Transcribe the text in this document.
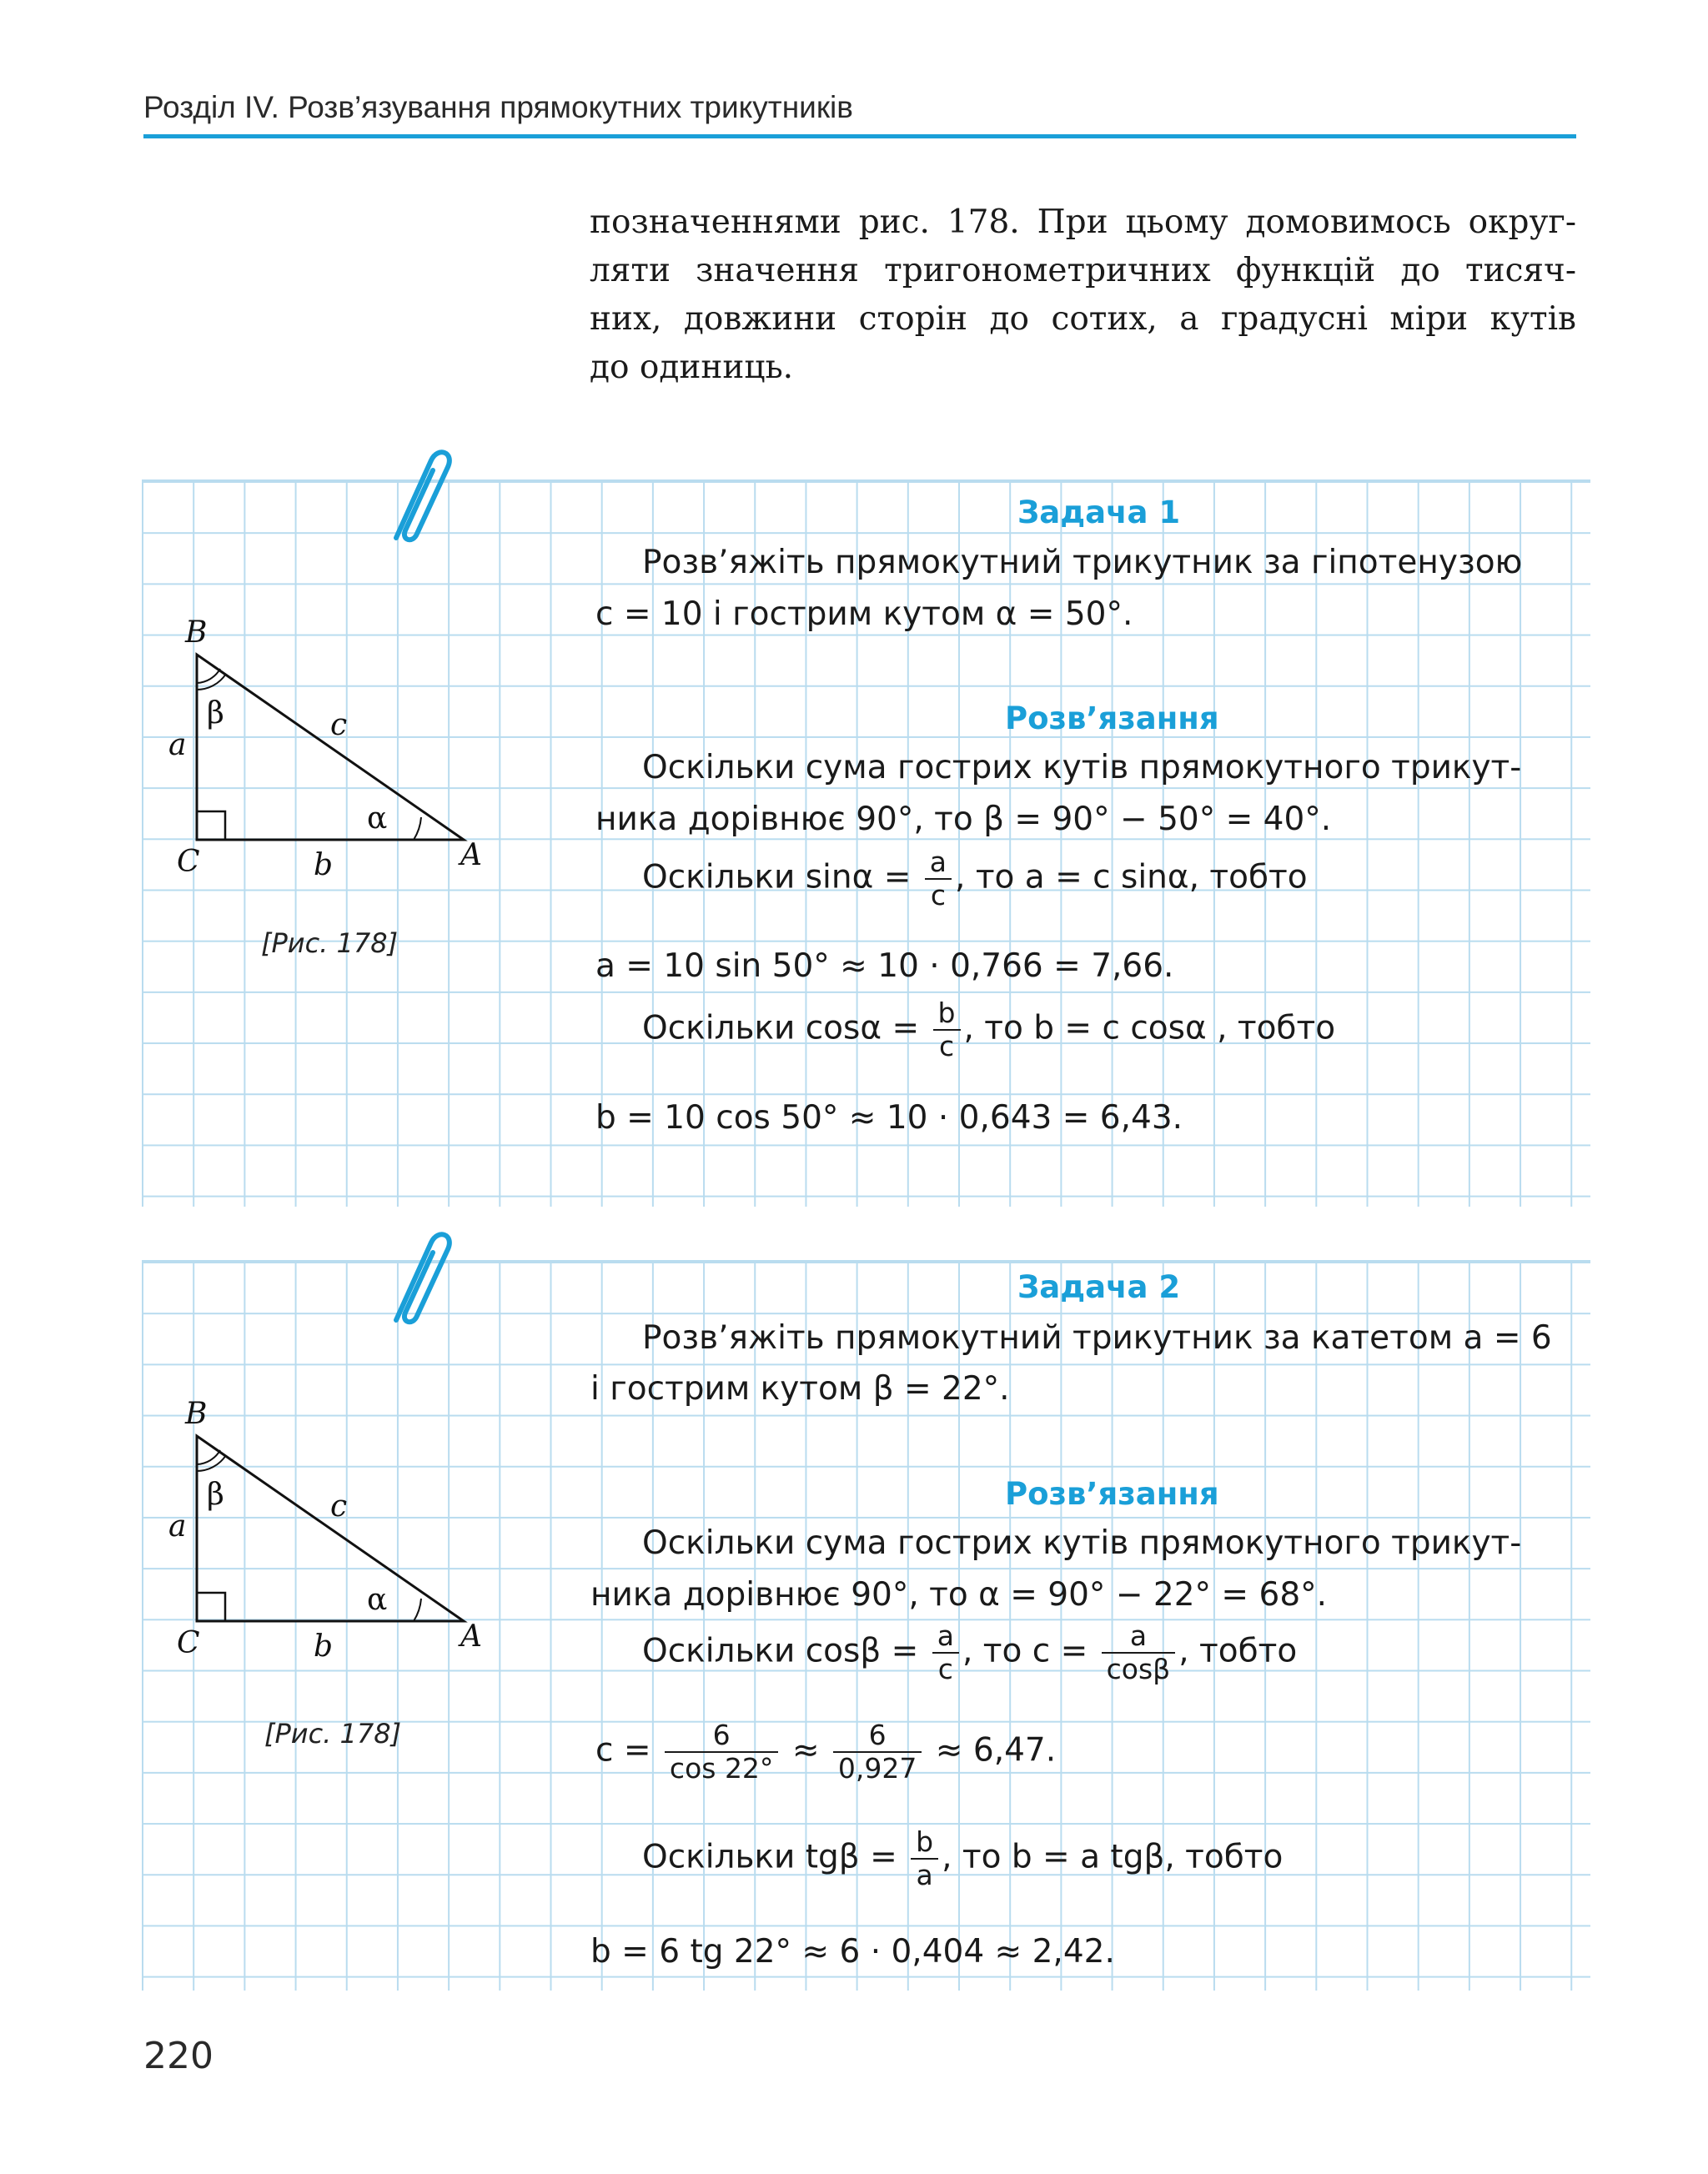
Розділ IV. Розв’язування прямокутних трикутників
позначеннями рис. 178. При цьому домовимось округ-
ляти значення тригонометричних функцій до тисяч-
них, довжини сторін до сотих, а градусні міри кутів
до одиниць.
B
C	A
a
b
c
β
α
[Рис. 178]
Задача 1
Розв’яжіть прямокутний трикутник за гіпотенузою
c = 10 і гострим кутом α = 50°.
Розв’язання
Оскільки сума гострих кутів прямокутного трикут-
ника дорівнює 90°, то β = 90° − 50° = 40°.
Оскільки $\sin\alpha = \frac{a}{c}$ , то a = c sinα, тобто
a = 10 sin 50° ≈ 10 · 0,766 = 7,66.
Оскільки $\cos\alpha = \frac{b}{c}$ , то b = c cosα , тобто
b = 10 cos 50° ≈ 10 · 0,643 = 6,43.
B
C	A
a
b
c
β
α
[Рис. 178]
Задача 2
Розв’яжіть прямокутний трикутник за катетом a = 6
і гострим кутом β = 22°.
Розв’язання
Оскільки сума гострих кутів прямокутного трикут-
ника дорівнює 90°, то α = 90° − 22° = 68°.
Оскільки $\cos\beta = \frac{a}{c}$ , то $c = \frac{a}{\cos\beta}$ , тобто
$c = \frac{6}{\cos 22^\circ} \approx \frac{6}{0,927} \approx 6,47$.
Оскільки $tg\beta = \frac{b}{a}$ , то b = a tgβ, тобто
b = 6 tg 22° ≈ 6 · 0,404 ≈ 2,42.
220
